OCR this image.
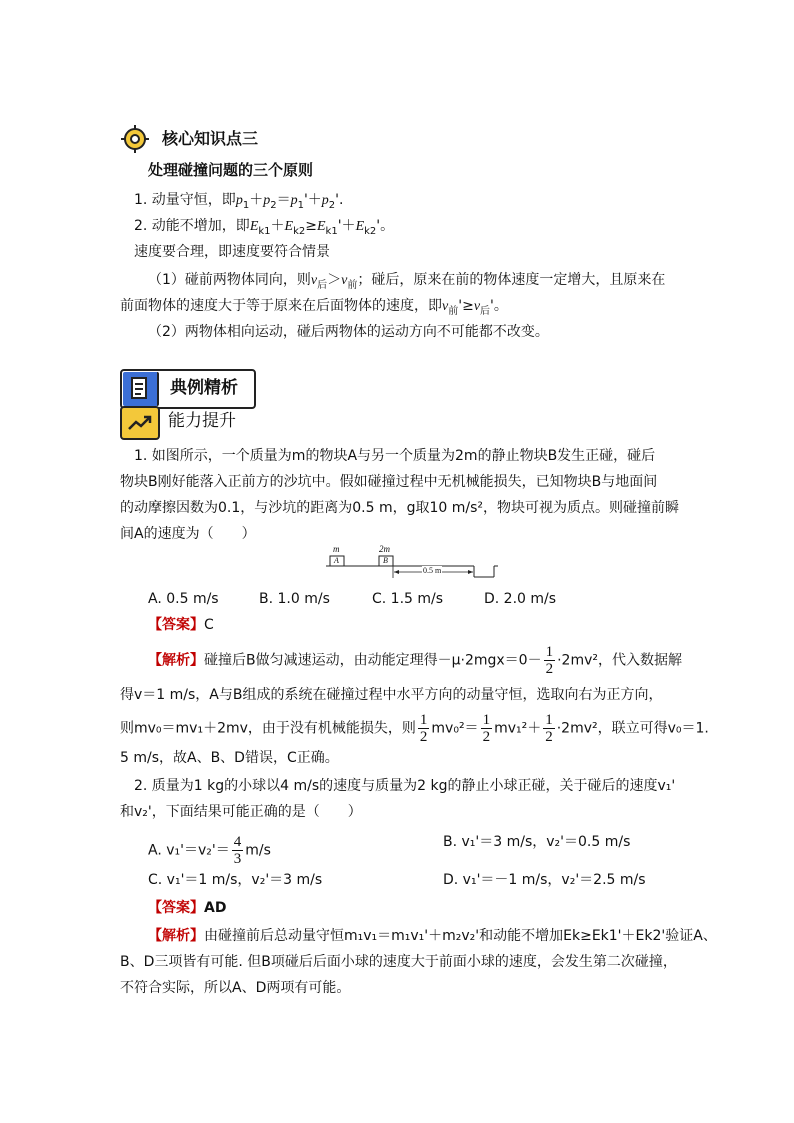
核心知识点三
处理碰撞问题的三个原则
1. 动量守恒，即$p_1+p_2=p_1'+p_2'$.
2. 动能不增加，即$E_{k1}+E_{k2}\ge E_{k1}'+E_{k2}'$。
速度要合理，即速度要符合情景
（1）碰前两物体同向，则$v_后>v_前$；碰后，原来在前的物体速度一定增大，且原来在
前面物体的速度大于等于原来在后面物体的速度，即$v_前'\ge v_后'$。
（2）两物体相向运动，碰后两物体的运动方向不可能都不改变。
典例精析
能力提升
1. 如图所示，一个质量为m的物块A与另一个质量为2m的静止物块B发生正碰，碰后
物块B刚好能落入正前方的沙坑中。假如碰撞过程中无机械能损失，已知物块B与地面间
的动摩擦因数为0.1，与沙坑的距离为0.5 m，g取10 m/s²，物块可视为质点。则碰撞前瞬
间A的速度为（　　）
m	2m
A	B
0.5 m
A. 0.5 m/s	B. 1.0 m/s	C. 1.5 m/s	D. 2.0 m/s
【答案】C
【解析】碰撞后B做匀减速运动，由动能定理得$-\mu\cdot 2mgx=0- \frac{1}{2} \cdot 2mv^2$，代入数据解
得v＝1 m/s，A与B组成的系统在碰撞过程中水平方向的动量守恒，选取向右为正方向，
则mv₀＝mv₁＋2mv，由于没有机械能损失，则 $\frac{1}{2} mv_0^2= \frac{1}{2} mv_1^2+ \frac{1}{2} \cdot 2mv^2$，联立可得v₀＝1.
5 m/s，故A、B、D错误，C正确。
2. 质量为1 kg的小球以4 m/s的速度与质量为2 kg的静止小球正碰，关于碰后的速度v₁'
和v₂'，下面结果可能正确的是（　　）
A. $v_1'=v_2'= \frac{4}{3} m/s$
B. v₁'＝3 m/s，v₂'＝0.5 m/s
C. v₁'＝1 m/s，v₂'＝3 m/s	D. v₁'＝－1 m/s，v₂'＝2.5 m/s
【答案】AD
【解析】由碰撞前后总动量守恒m₁v₁＝m₁v₁'＋m₂v₂'和动能不增加Ek≥Ek1'＋Ek2'验证A、
B、D三项皆有可能. 但B项碰后后面小球的速度大于前面小球的速度，会发生第二次碰撞，
不符合实际，所以A、D两项有可能。
